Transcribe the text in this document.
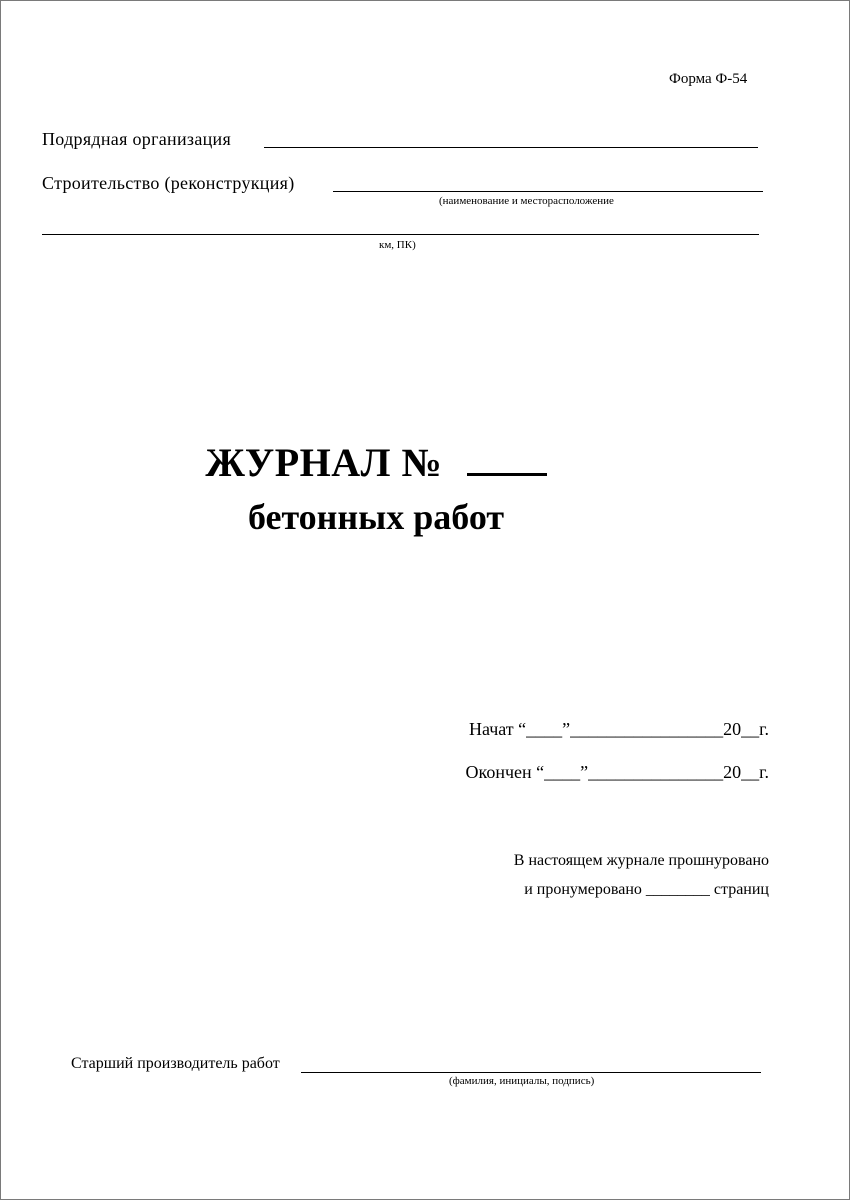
Форма Ф-54
Подрядная организация
Строительство (реконструкция)
(наименование и месторасположение
км, ПК)
ЖУРНАЛ №
бетонных работ
Начат “____”_________________20__г.
Окончен “____”_______________20__г.
В настоящем журнале прошнуровано
и пронумеровано ________ страниц
Старший производитель работ
(фамилия, инициалы, подпись)
